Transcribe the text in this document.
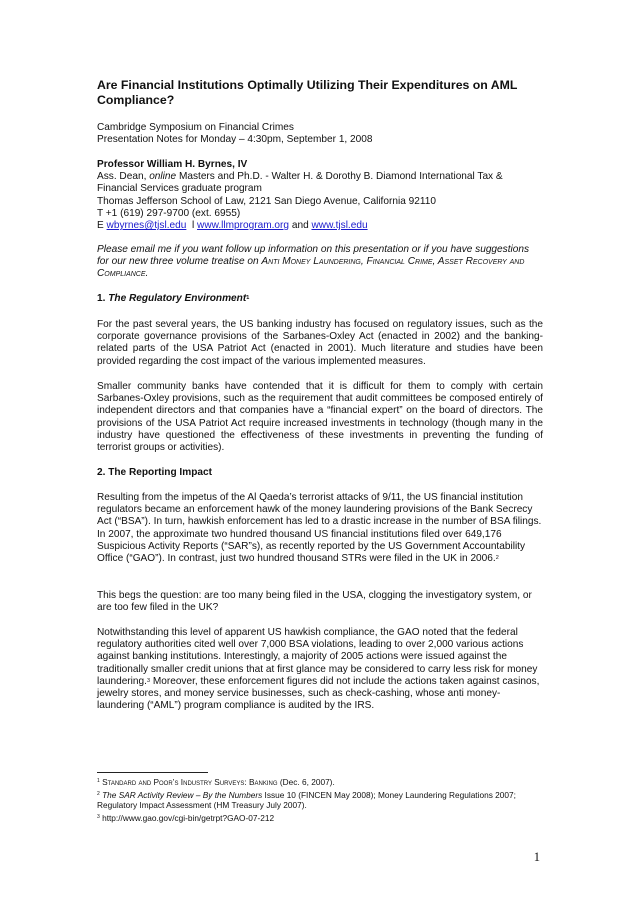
Are Financial Institutions Optimally Utilizing Their Expenditures on AML Compliance?

Cambridge Symposium on Financial Crimes

Presentation Notes for Monday – 4:30pm, September 1, 2008

Professor William H. Byrnes, IV

Ass. Dean, online Masters and Ph.D. - Walter H. & Dorothy B. Diamond International Tax & Financial Services graduate program

Thomas Jefferson School of Law, 2121 San Diego Avenue, California 92110

T +1 (619) 297-9700 (ext. 6955)

E wbyrnes@tjsl.edu  l www.llmprogram.org and www.tjsl.edu

Please email me if you want follow up information on this presentation or if you have suggestions for our new three volume treatise on Anti Money Laundering, Financial Crime, Asset Recovery and Compliance.

1. The Regulatory Environment$^1$

For the past several years, the US banking industry has focused on regulatory issues, such as the corporate governance provisions of the Sarbanes-Oxley Act (enacted in 2002) and the banking-related parts of the USA Patriot Act (enacted in 2001). Much literature and studies have been provided regarding the cost impact of the various implemented measures.

Smaller community banks have contended that it is difficult for them to comply with certain Sarbanes-Oxley provisions, such as the requirement that audit committees be composed entirely of independent directors and that companies have a “financial expert” on the board of directors. The provisions of the USA Patriot Act require increased investments in technology (though many in the industry have questioned the effectiveness of these investments in preventing the funding of terrorist groups or activities).

2. The Reporting Impact

Resulting from the impetus of the Al Qaeda’s terrorist attacks of 9/11, the US financial institution regulators became an enforcement hawk of the money laundering provisions of the Bank Secrecy Act (“BSA”). In turn, hawkish enforcement has led to a drastic increase in the number of BSA filings. In 2007, the approximate two hundred thousand US financial institutions filed over 649,176 Suspicious Activity Reports (“SAR”s), as recently reported by the US Government Accountability Office (“GAO”). In contrast, just two hundred thousand STRs were filed in the UK in 2006.$^2$

This begs the question: are too many being filed in the USA, clogging the investigatory system, or are too few filed in the UK?

Notwithstanding this level of apparent US hawkish compliance, the GAO noted that the federal regulatory authorities cited well over 7,000 BSA violations, leading to over 2,000 various actions against banking institutions. Interestingly, a majority of 2005 actions were issued against the traditionally smaller credit unions that at first glance may be considered to carry less risk for money laundering.$^3$ Moreover, these enforcement figures did not include the actions taken against casinos, jewelry stores, and money service businesses, such as check-cashing, whose anti money-laundering (“AML”) program compliance is audited by the IRS.

$^1$ Standard and Poor’s Industry Surveys: Banking (Dec. 6, 2007).
$^2$ The SAR Activity Review – By the Numbers Issue 10 (FINCEN May 2008); Money Laundering Regulations 2007; Regulatory Impact Assessment (HM Treasury July 2007).
$^3$ http://www.gao.gov/cgi-bin/getrpt?GAO-07-212
1
